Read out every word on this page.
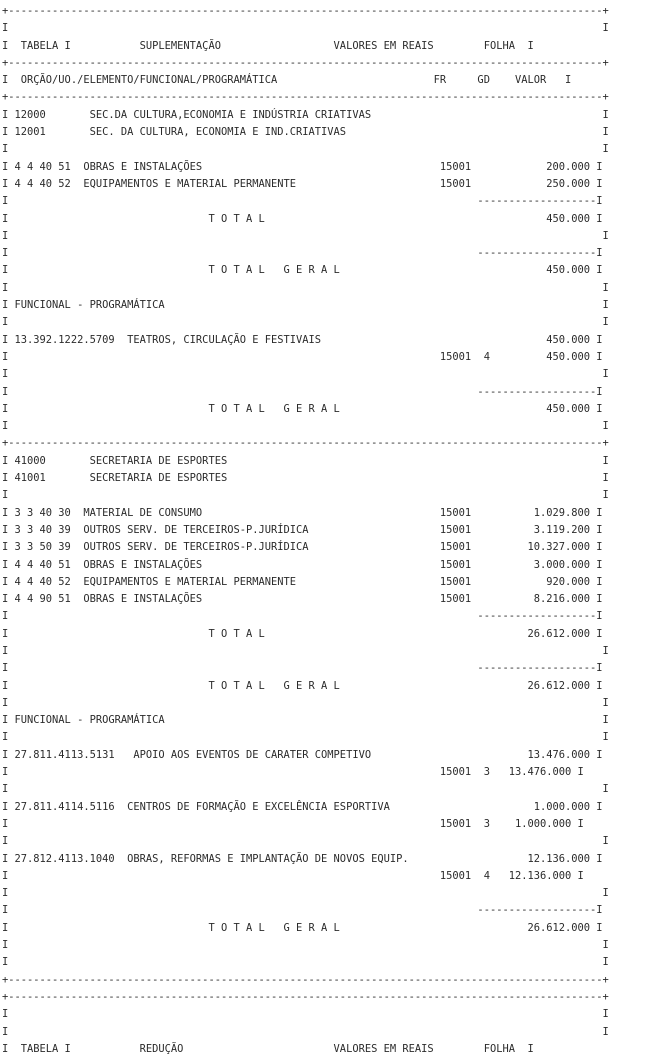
+-----------------------------------------------------------------------------------------------+
I                                                                                               I
I  TABELA I           SUPLEMENTAÇÃO                  VALORES EM REAIS        FOLHA  I
+-----------------------------------------------------------------------------------------------+
I  ORÇÃO/UO./ELEMENTO/FUNCIONAL/PROGRAMÁTICA                         FR     GD    VALOR   I
+-----------------------------------------------------------------------------------------------+
I 12000       SEC.DA CULTURA,ECONOMIA E INDÚSTRIA CRIATIVAS                                     I
I 12001       SEC. DA CULTURA, ECONOMIA E IND.CRIATIVAS                                         I
I                                                                                               I
I 4 4 40 51  OBRAS E INSTALAÇÕES                                      15001            200.000 I
I 4 4 40 52  EQUIPAMENTOS E MATERIAL PERMANENTE                       15001            250.000 I
I                                                                           -------------------I
I                                T O T A L                                             450.000 I
I                                                                                               I
I                                                                           -------------------I
I                                T O T A L   G E R A L                                 450.000 I
I                                                                                               I
I FUNCIONAL - PROGRAMÁTICA                                                                      I
I                                                                                               I
I 13.392.1222.5709  TEATROS, CIRCULAÇÃO E FESTIVAIS                                    450.000 I
I                                                                     15001  4         450.000 I
I                                                                                               I
I                                                                           -------------------I
I                                T O T A L   G E R A L                                 450.000 I
I                                                                                               I
+-----------------------------------------------------------------------------------------------+
I 41000       SECRETARIA DE ESPORTES                                                            I
I 41001       SECRETARIA DE ESPORTES                                                            I
I                                                                                               I
I 3 3 40 30  MATERIAL DE CONSUMO                                      15001          1.029.800 I
I 3 3 40 39  OUTROS SERV. DE TERCEIROS-P.JURÍDICA                     15001          3.119.200 I
I 3 3 50 39  OUTROS SERV. DE TERCEIROS-P.JURÍDICA                     15001         10.327.000 I
I 4 4 40 51  OBRAS E INSTALAÇÕES                                      15001          3.000.000 I
I 4 4 40 52  EQUIPAMENTOS E MATERIAL PERMANENTE                       15001            920.000 I
I 4 4 90 51  OBRAS E INSTALAÇÕES                                      15001          8.216.000 I
I                                                                           -------------------I
I                                T O T A L                                          26.612.000 I
I                                                                                               I
I                                                                           -------------------I
I                                T O T A L   G E R A L                              26.612.000 I
I                                                                                               I
I FUNCIONAL - PROGRAMÁTICA                                                                      I
I                                                                                               I
I 27.811.4113.5131   APOIO AOS EVENTOS DE CARATER COMPETIVO                         13.476.000 I
I                                                                     15001  3   13.476.000 I
I                                                                                               I
I 27.811.4114.5116  CENTROS DE FORMAÇÃO E EXCELÊNCIA ESPORTIVA                       1.000.000 I
I                                                                     15001  3    1.000.000 I
I                                                                                               I
I 27.812.4113.1040  OBRAS, REFORMAS E IMPLANTAÇÃO DE NOVOS EQUIP.                   12.136.000 I
I                                                                     15001  4   12.136.000 I
I                                                                                               I
I                                                                           -------------------I
I                                T O T A L   G E R A L                              26.612.000 I
I                                                                                               I
I                                                                                               I
+-----------------------------------------------------------------------------------------------+
+-----------------------------------------------------------------------------------------------+
I                                                                                               I
I                                                                                               I
I  TABELA I           REDUÇÃO                        VALORES EM REAIS        FOLHA  I
